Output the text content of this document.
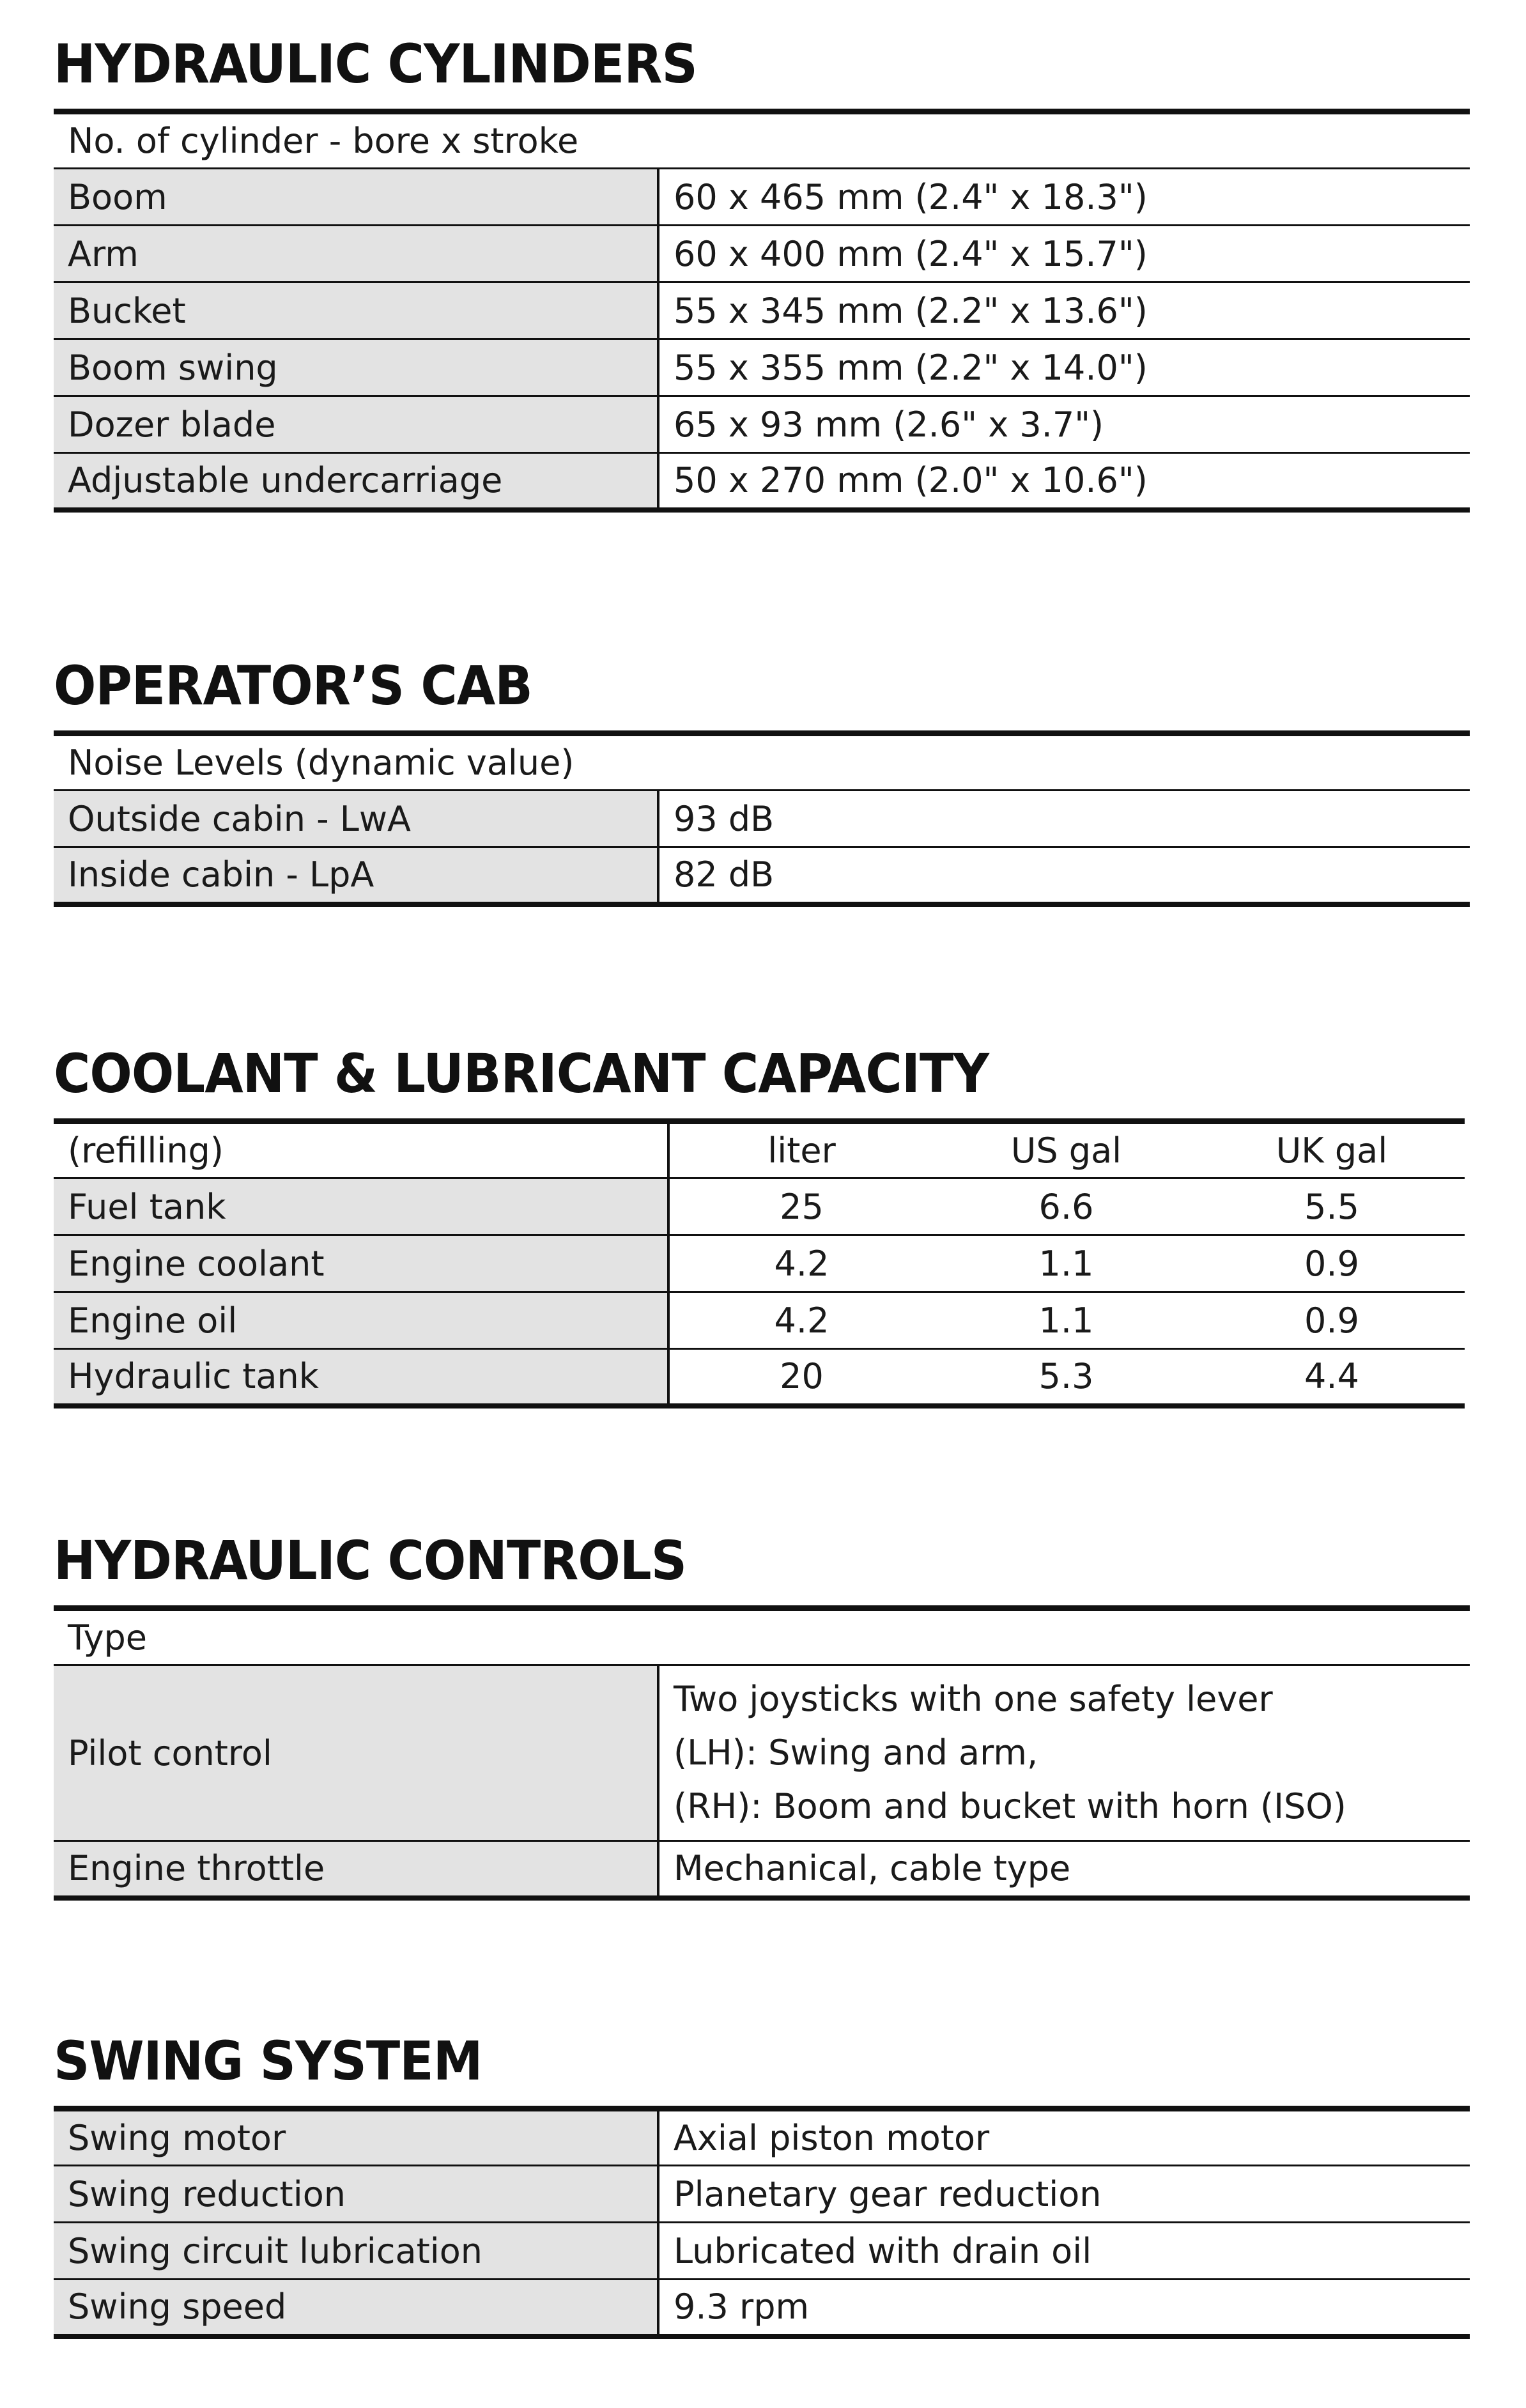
HYDRAULIC CYLINDERS
No. of cylinder - bore x stroke	
Boom	60 x 465 mm (2.4" x 18.3")
Arm	60 x 400 mm (2.4" x 15.7")
Bucket	55 x 345 mm (2.2" x 13.6")
Boom swing	55 x 355 mm (2.2" x 14.0")
Dozer blade	65 x 93 mm (2.6" x 3.7")
Adjustable undercarriage	50 x 270 mm (2.0" x 10.6")
OPERATOR’S CAB
Noise Levels (dynamic value)	
Outside cabin - LwA	93 dB
Inside cabin - LpA	82 dB
COOLANT & LUBRICANT CAPACITY
(refilling)	liter	US gal	UK gal
Fuel tank	25	6.6	5.5
Engine coolant	4.2	1.1	0.9
Engine oil	4.2	1.1	0.9
Hydraulic tank	20	5.3	4.4
HYDRAULIC CONTROLS
Type	
Pilot control	Two joysticks with one safety lever
(LH): Swing and arm,
(RH): Boom and bucket with horn (ISO)

Engine throttle	Mechanical, cable type
SWING SYSTEM
Swing motor	Axial piston motor
Swing reduction	Planetary gear reduction
Swing circuit lubrication	Lubricated with drain oil
Swing speed	9.3 rpm
